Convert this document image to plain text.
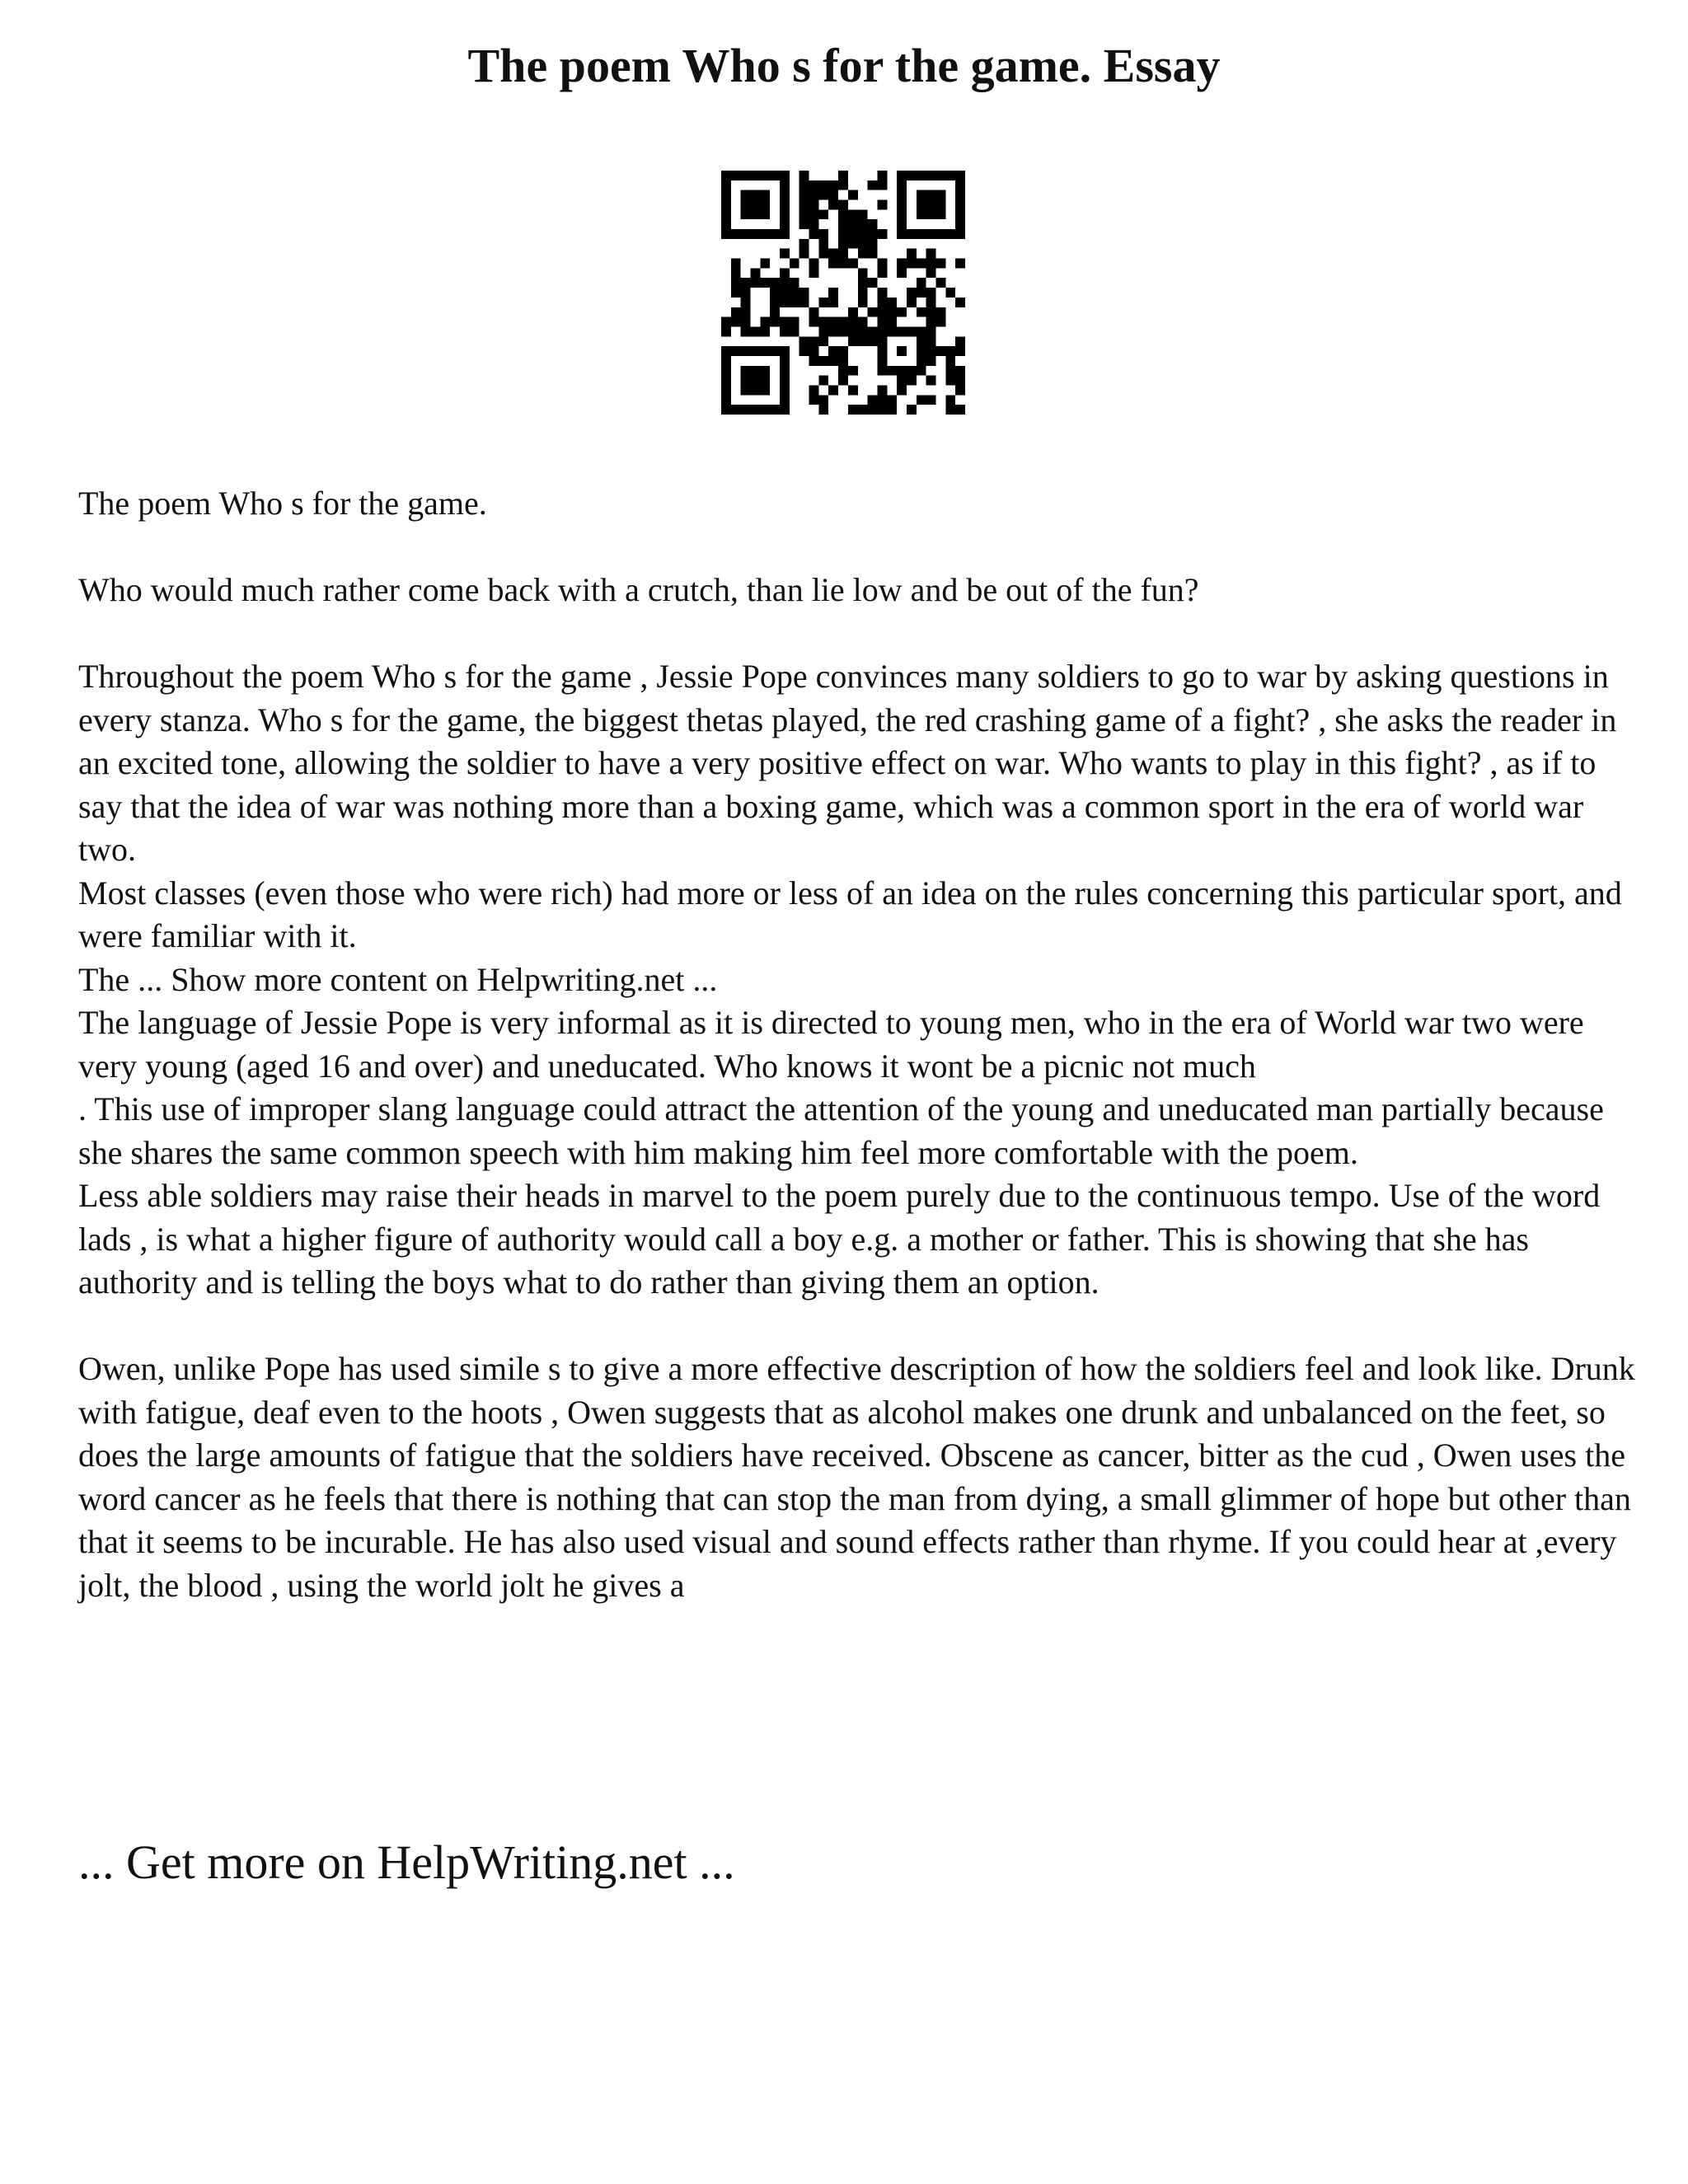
The poem Who s for the game. Essay

The poem Who s for the game.

Who would much rather come back with a crutch, than lie low and be out of the fun?

Throughout the poem Who s for the game , Jessie Pope convinces many soldiers to go to war by asking questions in every stanza. Who s for the game, the biggest thetas played, the red crashing game of a fight? , she asks the reader in an excited tone, allowing the soldier to have a very positive effect on war. Who wants to play in this fight? , as if to say that the idea of war was nothing more than a boxing game, which was a common sport in the era of world war two.

Most classes (even those who were rich) had more or less of an idea on the rules concerning this particular sport, and were familiar with it.

The ... Show more content on Helpwriting.net ...

The language of Jessie Pope is very informal as it is directed to young men, who in the era of World war two were very young (aged 16 and over) and uneducated. Who knows it wont be a picnic not much

. This use of improper slang language could attract the attention of the young and uneducated man partially because she shares the same common speech with him making him feel more comfortable with the poem.

Less able soldiers may raise their heads in marvel to the poem purely due to the continuous tempo. Use of the word lads , is what a higher figure of authority would call a boy e.g. a mother or father. This is showing that she has authority and is telling the boys what to do rather than giving them an option.

Owen, unlike Pope has used simile s to give a more effective description of how the soldiers feel and look like. Drunk with fatigue, deaf even to the hoots , Owen suggests that as alcohol makes one drunk and unbalanced on the feet, so does the large amounts of fatigue that the soldiers have received. Obscene as cancer, bitter as the cud , Owen uses the word cancer as he feels that there is nothing that can stop the man from dying, a small glimmer of hope but other than that it seems to be incurable. He has also used visual and sound effects rather than rhyme. If you could hear at ,every jolt, the blood , using the world jolt he gives a

... Get more on HelpWriting.net ...
